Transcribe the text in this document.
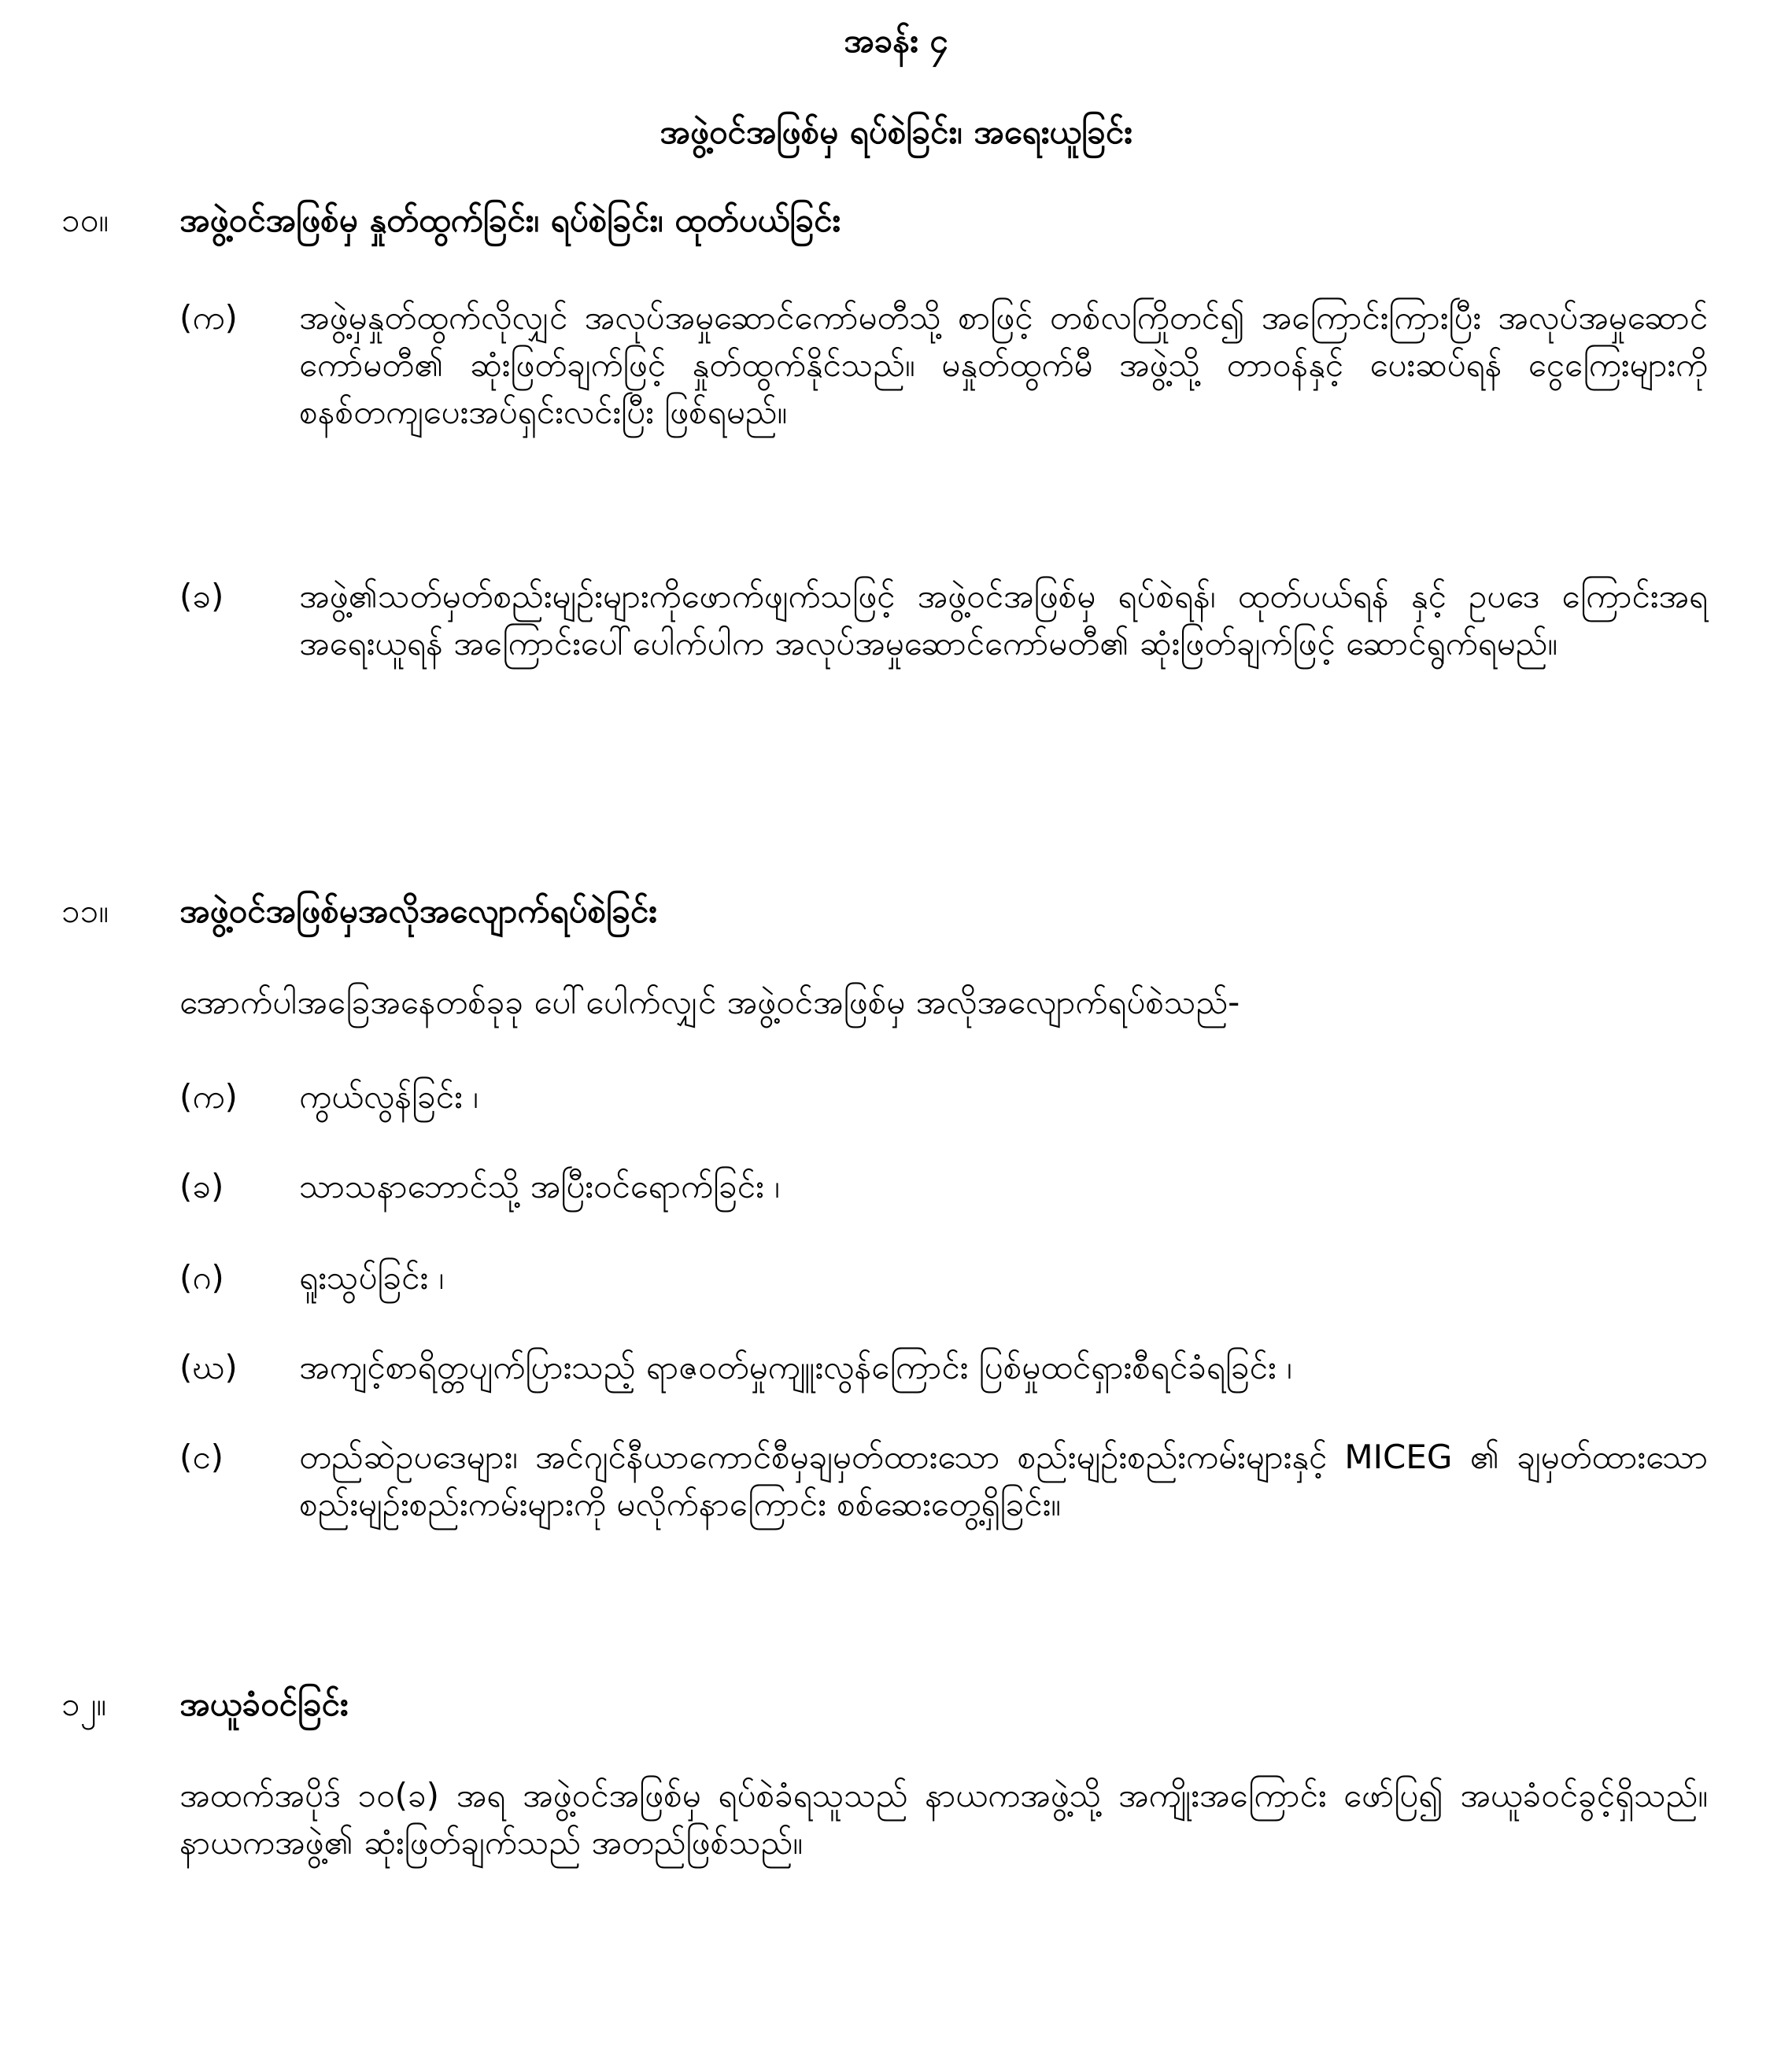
အခန်း ၄
အဖွဲ့ဝင်အဖြစ်မှ ရပ်စဲခြင်း၊ အရေးယူခြင်း
၁၀။ အဖွဲ့ဝင်အဖြစ်မှ နှုတ်ထွက်ခြင်း၊ ရပ်စဲခြင်း၊ ထုတ်ပယ်ခြင်း
(က) အဖွဲ့မှနှုတ်ထွက်လိုလျှင် အလုပ်အမှုဆောင်ကော်မတီသို့ စာဖြင့် တစ်လကြိုတင်၍ အကြောင်းကြားပြီး အလုပ်အမှုဆောင်ကော်မတီ၏ ဆုံးဖြတ်ချက်ဖြင့် နှုတ်ထွက်နိုင်သည်။ မနှုတ်ထွက်မီ အဖွဲ့သို့ တာဝန်နှင့် ပေးဆပ်ရန် ငွေကြေးများကို စနစ်တကျပေးအပ်ရှင်းလင်းပြီး ဖြစ်ရမည်။
(ခ) အဖွဲ့၏သတ်မှတ်စည်းမျဉ်းများကိုဖောက်ဖျက်သဖြင့် အဖွဲ့ဝင်အဖြစ်မှ ရပ်စဲရန်၊ ထုတ်ပယ်ရန် နှင့် ဥပဒေ ကြောင်းအရ အရေးယူရန် အကြောင်းပေါ်ပေါက်ပါက အလုပ်အမှုဆောင်ကော်မတီ၏ ဆုံးဖြတ်ချက်ဖြင့် ဆောင်ရွက်ရမည်။
၁၁။ အဖွဲ့ဝင်အဖြစ်မှအလိုအလျောက်ရပ်စဲခြင်း
အောက်ပါအခြေအနေတစ်ခုခု ပေါ်ပေါက်လျှင် အဖွဲ့ဝင်အဖြစ်မှ အလိုအလျောက်ရပ်စဲသည်-
(က) ကွယ်လွန်ခြင်း ၊
(ခ) သာသနာဘောင်သို့ အပြီးဝင်ရောက်ခြင်း ၊
(ဂ) ရူးသွပ်ခြင်း ၊
(ဃ) အကျင့်စာရိတ္တပျက်ပြားသည့် ရာဇဝတ်မှုကျူးလွန်ကြောင်း ပြစ်မှုထင်ရှားစီရင်ခံရခြင်း ၊
(င) တည်ဆဲဥပဒေများ၊ အင်ဂျင်နီယာကောင်စီမှချမှတ်ထားသော စည်းမျဉ်းစည်းကမ်းများနှင့် MICEG ၏ ချမှတ်ထားသော စည်းမျဉ်းစည်းကမ်းများကို မလိုက်နာကြောင်း စစ်ဆေးတွေ့ရှိခြင်း။
၁၂။ အယူခံဝင်ခြင်း
အထက်အပိုဒ် ၁၀(ခ) အရ အဖွဲ့ဝင်အဖြစ်မှ ရပ်စဲခံရသူသည် နာယကအဖွဲ့သို့ အကျိုးအကြောင်း ဖော်ပြ၍ အယူခံဝင်ခွင့်ရှိသည်။ နာယကအဖွဲ့၏ ဆုံးဖြတ်ချက်သည် အတည်ဖြစ်သည်။
